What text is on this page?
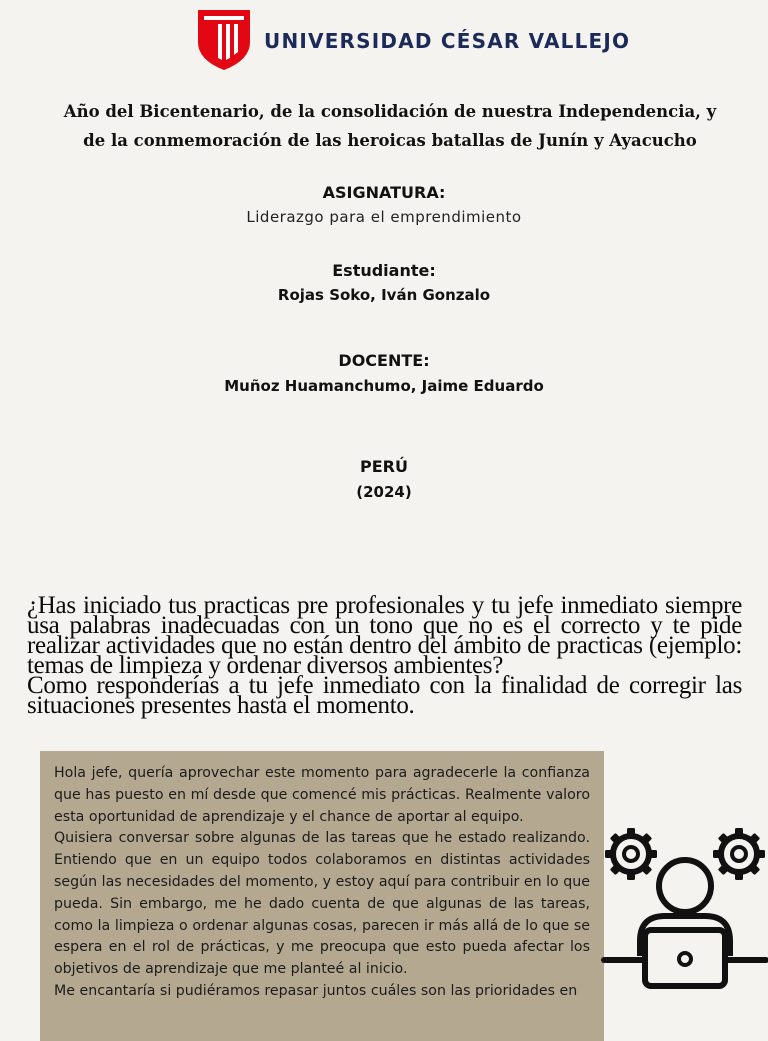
UNIVERSIDAD CÉSAR VALLEJO
Año del Bicentenario, de la consolidación de nuestra Independencia, y
de la conmemoración de las heroicas batallas de Junín y Ayacucho
ASIGNATURA:
Liderazgo para el emprendimiento
Estudiante:
Rojas Soko, Iván Gonzalo
DOCENTE:
Muñoz Huamanchumo, Jaime Eduardo
PERÚ
(2024)
¿Has iniciado tus practicas pre profesionales y tu jefe inmediato siempre usa palabras inadecuadas con un tono que no es el correcto y te pide realizar actividades que no están dentro del ámbito de practicas (ejemplo: temas de limpieza y ordenar diversos ambientes?
Como responderías a tu jefe inmediato con la finalidad de corregir las situaciones presentes hasta el momento.

Hola jefe, quería aprovechar este momento para agradecerle la confianza que has puesto en mí desde que comencé mis prácticas. Realmente valoro esta oportunidad de aprendizaje y el chance de aportar al equipo.

Quisiera conversar sobre algunas de las tareas que he estado realizando. Entiendo que en un equipo todos colaboramos en distintas actividades según las necesidades del momento, y estoy aquí para contribuir en lo que pueda. Sin embargo, me he dado cuenta de que algunas de las tareas, como la limpieza o ordenar algunas cosas, parecen ir más allá de lo que se espera en el rol de prácticas, y me preocupa que esto pueda afectar los objetivos de aprendizaje que me planteé al inicio.

Me encantaría si pudiéramos repasar juntos cuáles son las prioridades en
